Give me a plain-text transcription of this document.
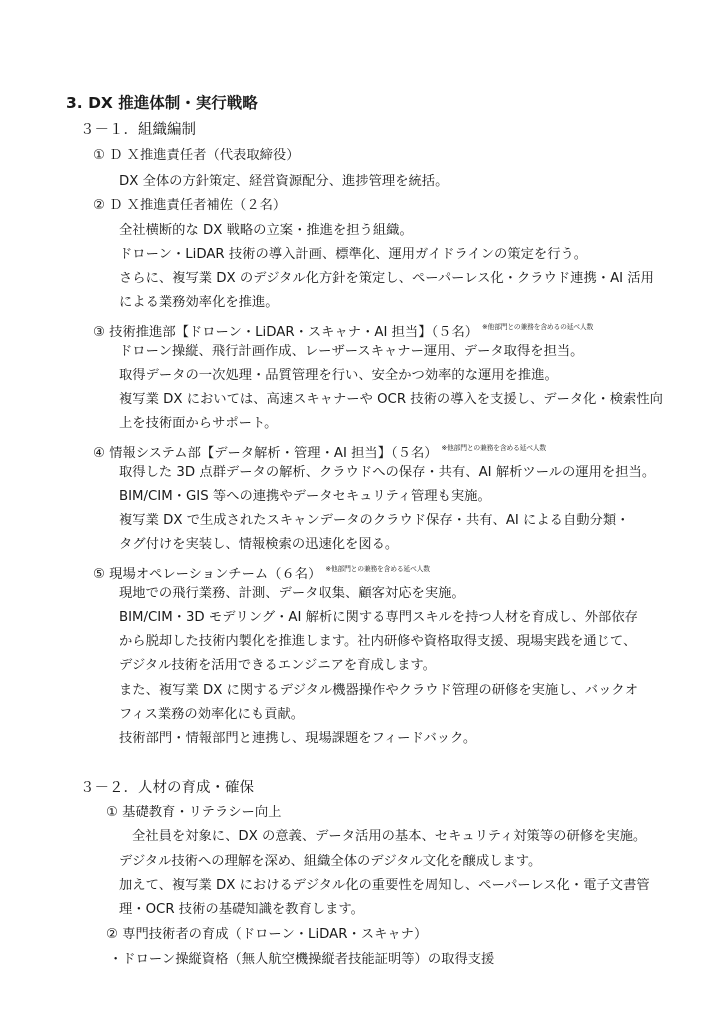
3. DX 推進体制・実行戦略
３－１．組織編制
① Ｄ Ｘ推進責任者（代表取締役）
DX 全体の方針策定、経営資源配分、進捗管理を統括。
② Ｄ Ｘ推進責任者補佐（２名）
全社横断的な DX 戦略の立案・推進を担う組織。
ドローン・LiDAR 技術の導入計画、標準化、運用ガイドラインの策定を行う。
さらに、複写業 DX のデジタル化方針を策定し、ペーパーレス化・クラウド連携・AI 活用
による業務効率化を推進。
③ 技術推進部【ドローン・LiDAR・スキャナ・AI 担当】（５名） $^{※他部門との兼務を含めるの延べ人数}$
ドローン操縦、飛行計画作成、レーザースキャナー運用、データ取得を担当。
取得データの一次処理・品質管理を行い、安全かつ効率的な運用を推進。
複写業 DX においては、高速スキャナーや OCR 技術の導入を支援し、データ化・検索性向
上を技術面からサポート。
④ 情報システム部【データ解析・管理・AI 担当】（５名） $^{※他部門との兼務を含める延べ人数}$
取得した 3D 点群データの解析、クラウドへの保存・共有、AI 解析ツールの運用を担当。
BIM/CIM・GIS 等への連携やデータセキュリティ管理も実施。
複写業 DX で生成されたスキャンデータのクラウド保存・共有、AI による自動分類・
タグ付けを実装し、情報検索の迅速化を図る。
⑤ 現場オペレーションチーム（６名） $^{※他部門との兼務を含める延べ人数}$
現地での飛行業務、計測、データ収集、顧客対応を実施。
BIM/CIM・3D モデリング・AI 解析に関する専門スキルを持つ人材を育成し、外部依存
から脱却した技術内製化を推進します。社内研修や資格取得支援、現場実践を通じて、
デジタル技術を活用できるエンジニアを育成します。
また、複写業 DX に関するデジタル機器操作やクラウド管理の研修を実施し、バックオ
フィス業務の効率化にも貢献。
技術部門・情報部門と連携し、現場課題をフィードバック。
３－２．人材の育成・確保
① 基礎教育・リテラシー向上
全社員を対象に、DX の意義、データ活用の基本、セキュリティ対策等の研修を実施。
デジタル技術への理解を深め、組織全体のデジタル文化を醸成します。
加えて、複写業 DX におけるデジタル化の重要性を周知し、ペーパーレス化・電子文書管
理・OCR 技術の基礎知識を教育します。
② 専門技術者の育成（ドローン・LiDAR・スキャナ）
・ドローン操縦資格（無人航空機操縦者技能証明等）の取得支援
